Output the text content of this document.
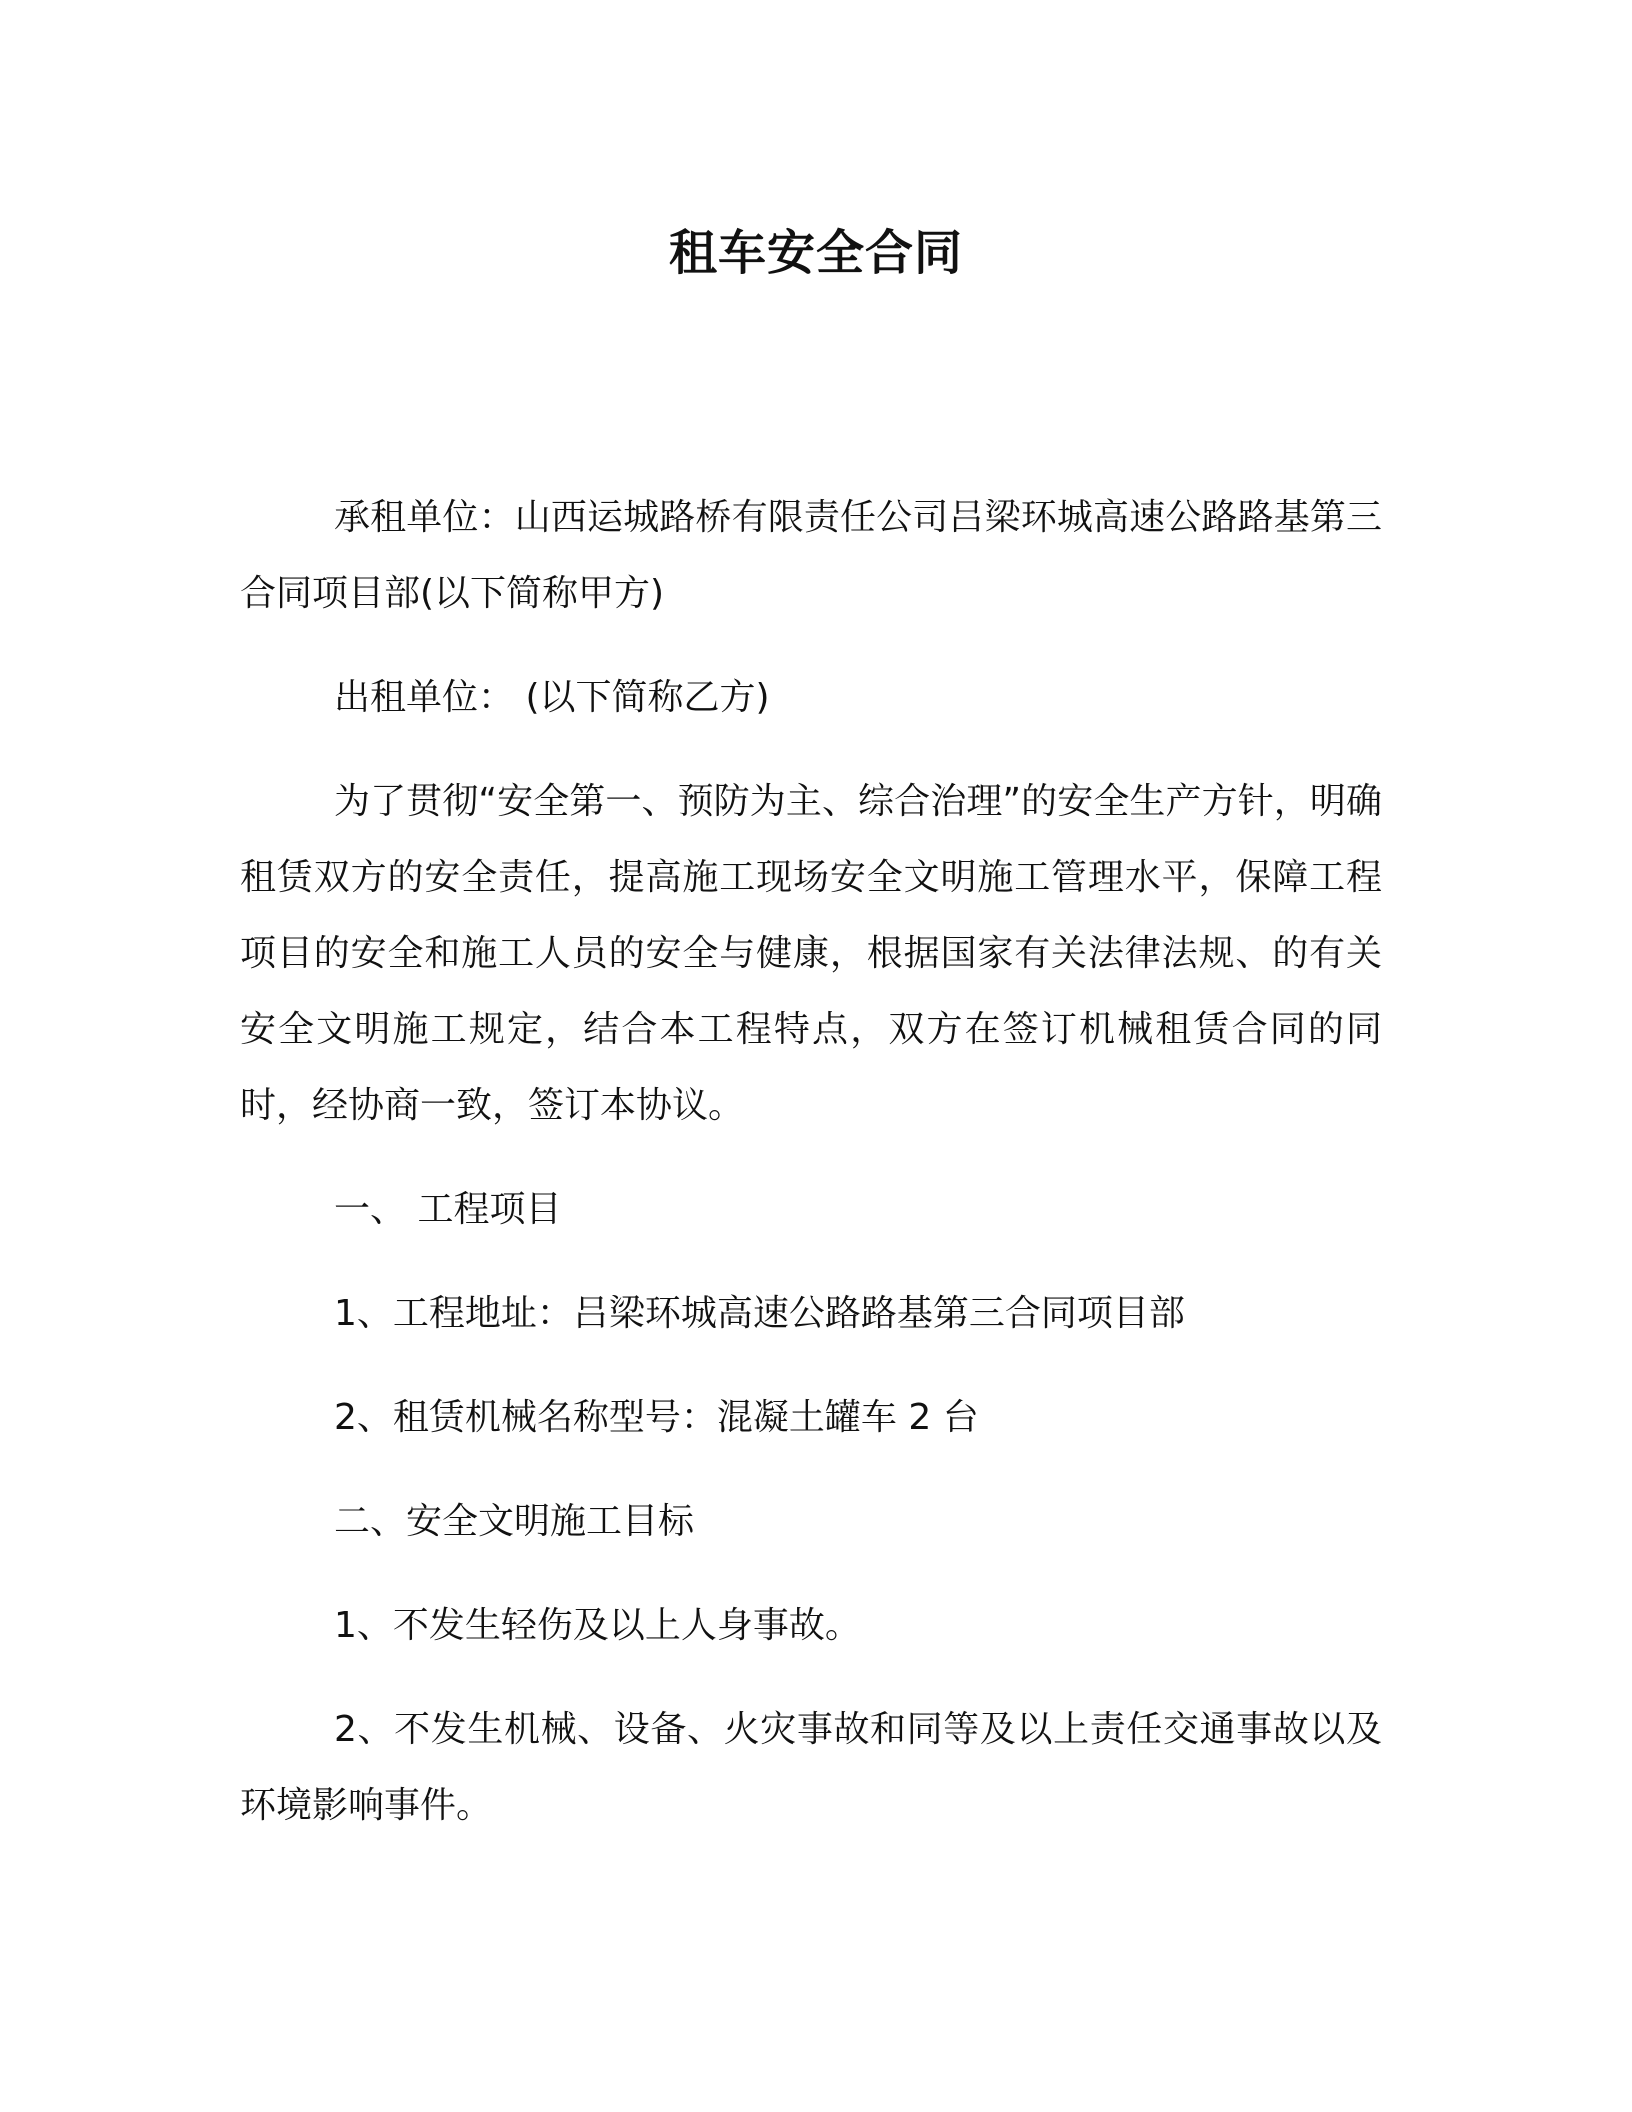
租车安全合同

承租单位：山西运城路桥有限责任公司吕梁环城高速公路路基第三合同项目部(以下简称甲方)

出租单位： (以下简称乙方)

为了贯彻“安全第一、预防为主、综合治理”的安全生产方针，明确租赁双方的安全责任，提高施工现场安全文明施工管理水平，保障工程项目的安全和施工人员的安全与健康，根据国家有关法律法规、的有关安全文明施工规定，结合本工程特点，双方在签订机械租赁合同的同时，经协商一致，签订本协议。

一、 工程项目

1、工程地址：吕梁环城高速公路路基第三合同项目部

2、租赁机械名称型号：混凝土罐车 2 台

二、安全文明施工目标

1、不发生轻伤及以上人身事故。

2、不发生机械、设备、火灾事故和同等及以上责任交通事故以及环境影响事件。
